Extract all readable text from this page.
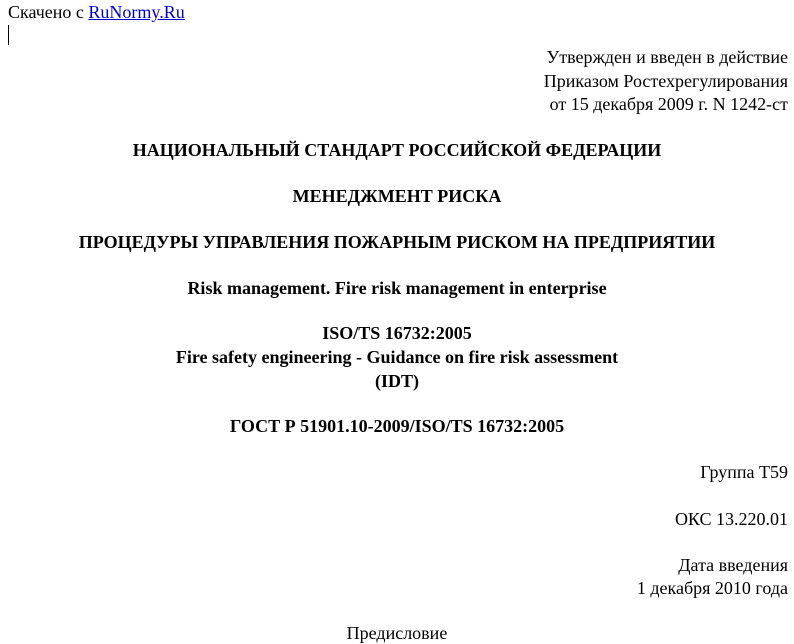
Скачено с RuNormy.Ru
Утвержден и введен в действие
Приказом Ростехрегулирования
от 15 декабря 2009 г. N 1242-ст
НАЦИОНАЛЬНЫЙ СТАНДАРТ РОССИЙСКОЙ ФЕДЕРАЦИИ
МЕНЕДЖМЕНТ РИСКА
ПРОЦЕДУРЫ УПРАВЛЕНИЯ ПОЖАРНЫМ РИСКОМ НА ПРЕДПРИЯТИИ
Risk management. Fire risk management in enterprise
ISO/TS 16732:2005
Fire safety engineering - Guidance on fire risk assessment
(IDT)
ГОСТ Р 51901.10-2009/ISO/TS 16732:2005
Группа Т59
ОКС 13.220.01
Дата введения
1 декабря 2010 года
Предисловие
